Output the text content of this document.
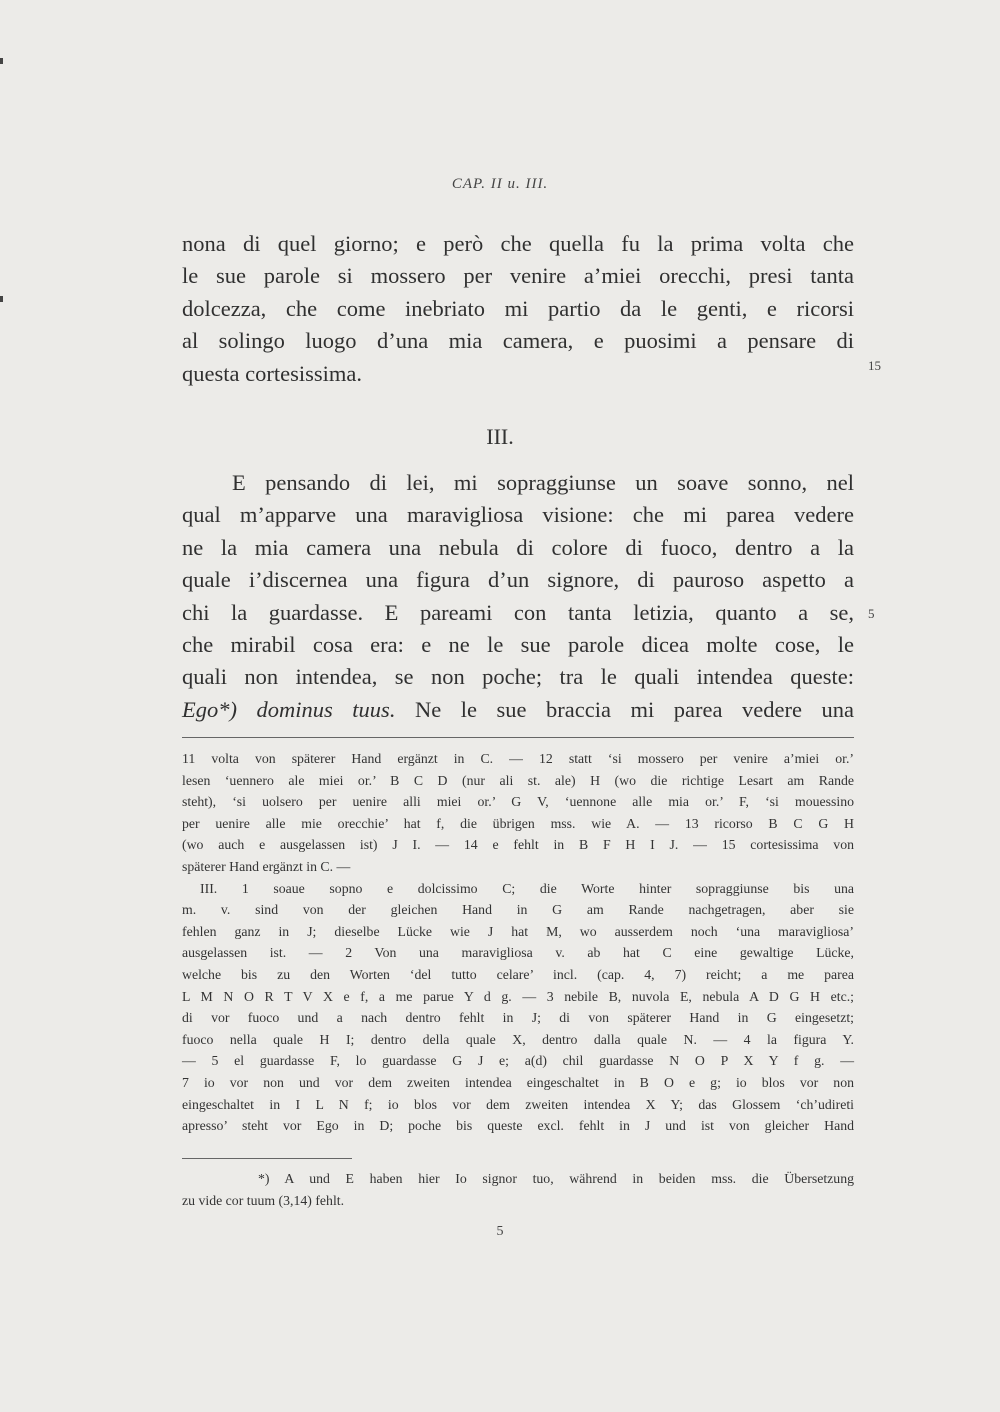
CAP. II u. III.
nona di quel giorno; e però che quella fu la prima volta che
le sue parole si mossero per venire a’miei orecchi, presi tanta
dolcezza, che come inebriato mi partio da le genti, e ricorsi
al solingo luogo d’una mia camera, e puosimi a pensare di
questa cortesissima.	15
III.
E pensando di lei, mi sopraggiunse un soave sonno, nel
qual m’apparve una maravigliosa visione: che mi parea vedere
ne la mia camera una nebula di colore di fuoco, dentro a la
quale i’discernea una figura d’un signore, di pauroso aspetto a
chi la guardasse. E pareami con tanta letizia, quanto a se,
che mirabil cosa era: e ne le sue parole dicea molte cose, le
quali non intendea, se non poche; tra le quali intendea queste:
Ego*) dominus tuus. Ne le sue braccia mi parea vedere una
5
11 volta von späterer Hand ergänzt in C. — 12 statt ‘si mossero per venire a’miei or.’
lesen ‘uennero ale miei or.’ B C D (nur ali st. ale) H (wo die richtige Lesart am Rande
steht), ‘si uolsero per uenire alli miei or.’ G V, ‘uennone alle mia or.’ F, ‘si mouessino
per uenire alle mie orecchie’ hat f, die übrigen mss. wie A. — 13 ricorso B C G H
(wo auch e ausgelassen ist) J I. — 14 e fehlt in B F H I J. — 15 cortesissima von
späterer Hand ergänzt in C. —
III. 1 soaue sopno e dolcissimo C; die Worte hinter sopraggiunse bis una
m. v. sind von der gleichen Hand in G am Rande nachgetragen, aber sie
fehlen ganz in J; dieselbe Lücke wie J hat M, wo ausserdem noch ‘una maravigliosa’
ausgelassen ist. — 2 Von una maravigliosa v. ab hat C eine gewaltige Lücke,
welche bis zu den Worten ‘del tutto celare’ incl. (cap. 4, 7) reicht; a me parea
L M N O R T V X e f, a me parue Y d g. — 3 nebile B, nuvola E, nebula A D G H etc.;
di vor fuoco und a nach dentro fehlt in J; di von späterer Hand in G eingesetzt;
fuoco nella quale H I; dentro della quale X, dentro dalla quale N. — 4 la figura Y.
— 5 el guardasse F, lo guardasse G J e; a(d) chil guardasse N O P X Y f g. —
7 io vor non und vor dem zweiten intendea eingeschaltet in B O e g; io blos vor non
eingeschaltet in I L N f; io blos vor dem zweiten intendea X Y; das Glossem ‘ch’udireti
apresso’ steht vor Ego in D; poche bis queste excl. fehlt in J und ist von gleicher Hand
*) A und E haben hier Io signor tuo, während in beiden mss. die Übersetzung
zu vide cor tuum (3,14) fehlt.
5
